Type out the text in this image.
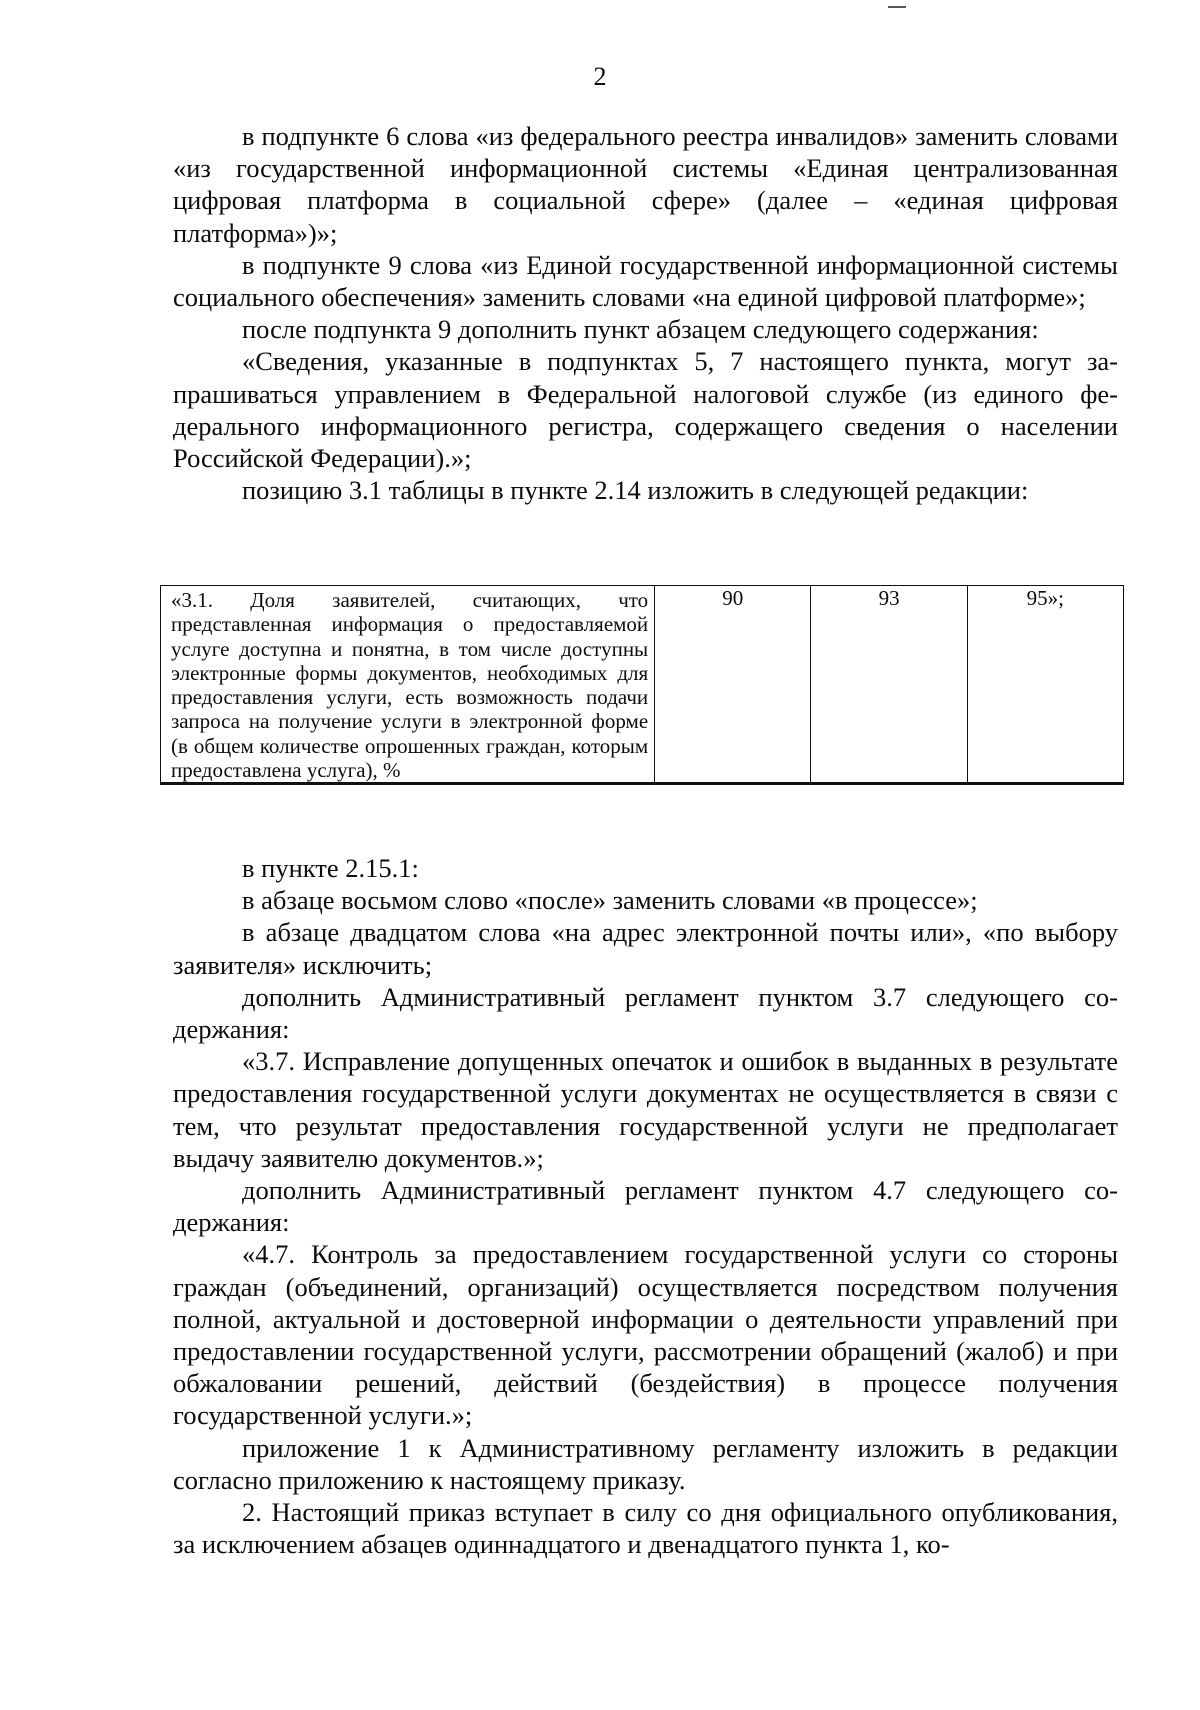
2

в подпункте 6 слова «из федерального реестра инвалидов» заменить словами «из государственной информационной системы «Единая централизованная цифровая платформа в социальной сфере» (далее – «единая цифровая платформа»)»;

в подпункте 9 слова «из Единой государственной информационной системы социального обеспечения» заменить словами «на единой цифровой платформе»;

после подпункта 9 дополнить пункт абзацем следующего содержания:

«Сведения, указанные в подпунктах 5, 7 настоящего пункта, могут запрашиваться управлением в Федеральной налоговой службе (из единого федерального информационного регистра, содержащего сведения о населении Российской Федерации).»;

позицию 3.1 таблицы в пункте 2.14 изложить в следующей редакции:

«3.1. Доля заявителей, считающих, что представленная информация о предоставляемой услуге доступна и понятна, в том числе доступны электронные формы документов, необходимых для предоставления услуги, есть возможность подачи запроса на получение услуги в электронной форме (в общем количестве опрошенных граждан, которым предоставлена услуга), %	90	93	95»;

в пункте 2.15.1:

в абзаце восьмом слово «после» заменить словами «в процессе»;

в абзаце двадцатом слова «на адрес электронной почты или», «по выбору заявителя» исключить;

дополнить Административный регламент пунктом 3.7 следующего содержания:

«3.7. Исправление допущенных опечаток и ошибок в выданных в результате предоставления государственной услуги документах не осуществляется в связи с тем, что результат предоставления государственной услуги не предполагает выдачу заявителю документов.»;

дополнить Административный регламент пунктом 4.7 следующего содержания:

«4.7. Контроль за предоставлением государственной услуги со стороны граждан (объединений, организаций) осуществляется посредством получения полной, актуальной и достоверной информации о деятельности управлений при предоставлении государственной услуги, рассмотрении обращений (жалоб) и при обжаловании решений, действий (бездействия) в процессе получения государственной услуги.»;

приложение 1 к Административному регламенту изложить в редакции согласно приложению к настоящему приказу.

2. Настоящий приказ вступает в силу со дня официального опубликования, за исключением абзацев одиннадцатого и двенадцатого пункта 1, ко-
